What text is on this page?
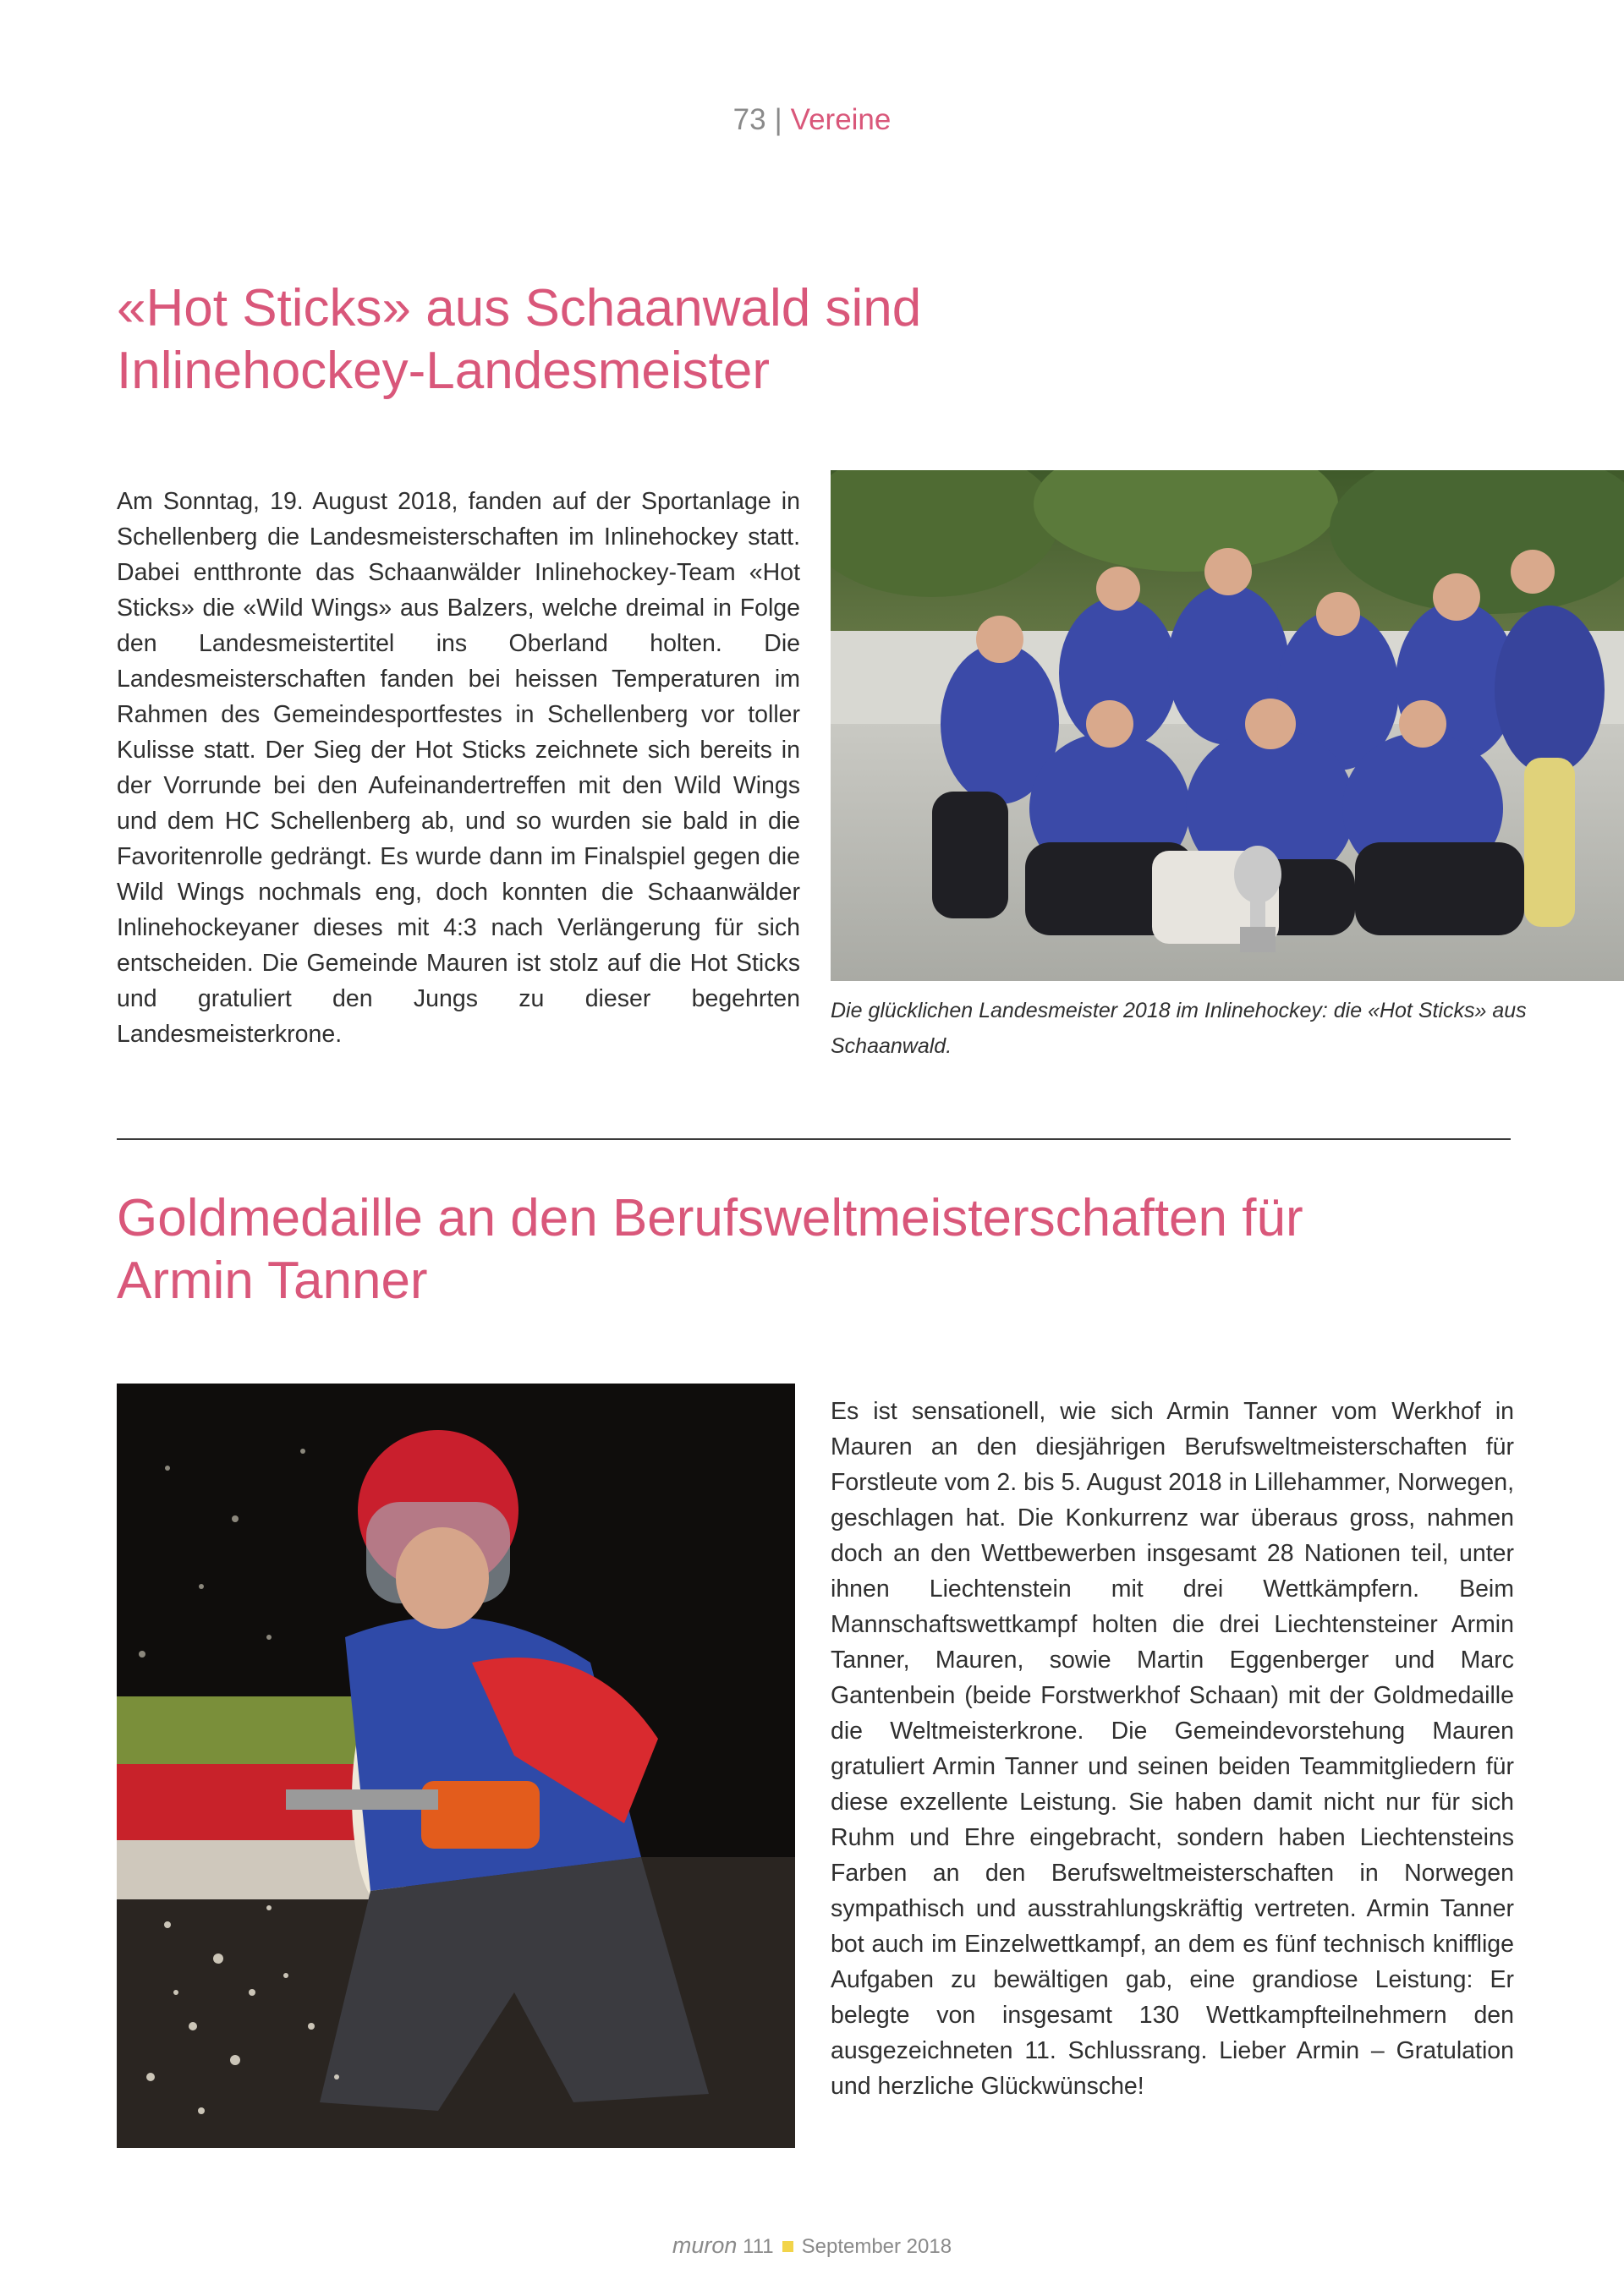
73 | Vereine
«Hot Sticks» aus Schaanwald sind
Inlinehockey-Landesmeister

Am Sonntag, 19. August 2018, fanden auf der Sportanlage in Schellenberg die Landesmeisterschaften im Inlinehockey statt. Dabei entthronte das Schaanwälder Inlinehockey-Team «Hot Sticks» die «Wild Wings» aus Balzers, welche dreimal in Folge den Landesmeistertitel ins Oberland holten. Die Landesmeisterschaften fanden bei heissen Temperaturen im Rahmen des Gemeindesportfestes in Schellenberg vor toller Kulisse statt. Der Sieg der Hot Sticks zeichnete sich bereits in der Vorrunde bei den Aufeinandertreffen mit den Wild Wings und dem HC Schellenberg ab, und so wurden sie bald in die Favoritenrolle gedrängt. Es wurde dann im Finalspiel gegen die Wild Wings nochmals eng, doch konnten die Schaanwälder Inlinehockeyaner dieses mit 4:3 nach Verlängerung für sich entscheiden. Die Gemeinde Mauren ist stolz auf die Hot Sticks und gratuliert den Jungs zu dieser begehrten Landesmeisterkrone.

Die glücklichen Landesmeister 2018 im Inlinehockey: die «Hot Sticks» aus Schaanwald.

Goldmedaille an den Berufsweltmeisterschaften für
Armin Tanner

Es ist sensationell, wie sich Armin Tanner vom Werkhof in Mauren an den diesjährigen Berufsweltmeisterschaften für Forstleute vom 2. bis 5. August 2018 in Lillehammer, Norwegen, geschlagen hat. Die Konkurrenz war überaus gross, nahmen doch an den Wettbewerben insgesamt 28 Nationen teil, unter ihnen Liechtenstein mit drei Wettkämpfern. Beim Mannschaftswettkampf holten die drei Liechtensteiner Armin Tanner, Mauren, sowie Martin Eggenberger und Marc Gantenbein (beide Forstwerkhof Schaan) mit der Goldmedaille die Weltmeisterkrone. Die Gemeindevorstehung Mauren gratuliert Armin Tanner und seinen beiden Teammitgliedern für diese exzellente Leistung. Sie haben damit nicht nur für sich Ruhm und Ehre eingebracht, sondern haben Liechtensteins Farben an den Berufsweltmeisterschaften in Norwegen sympathisch und ausstrahlungskräftig vertreten. Armin Tanner bot auch im Einzelwettkampf, an dem es fünf technisch knifflige Aufgaben zu bewältigen gab, eine grandiose Leistung: Er belegte von insgesamt 130 Wettkampfteilnehmern den ausgezeichneten 11. Schlussrang. Lieber Armin – Gratulation und herzliche Glückwünsche!

muron 111 September 2018
